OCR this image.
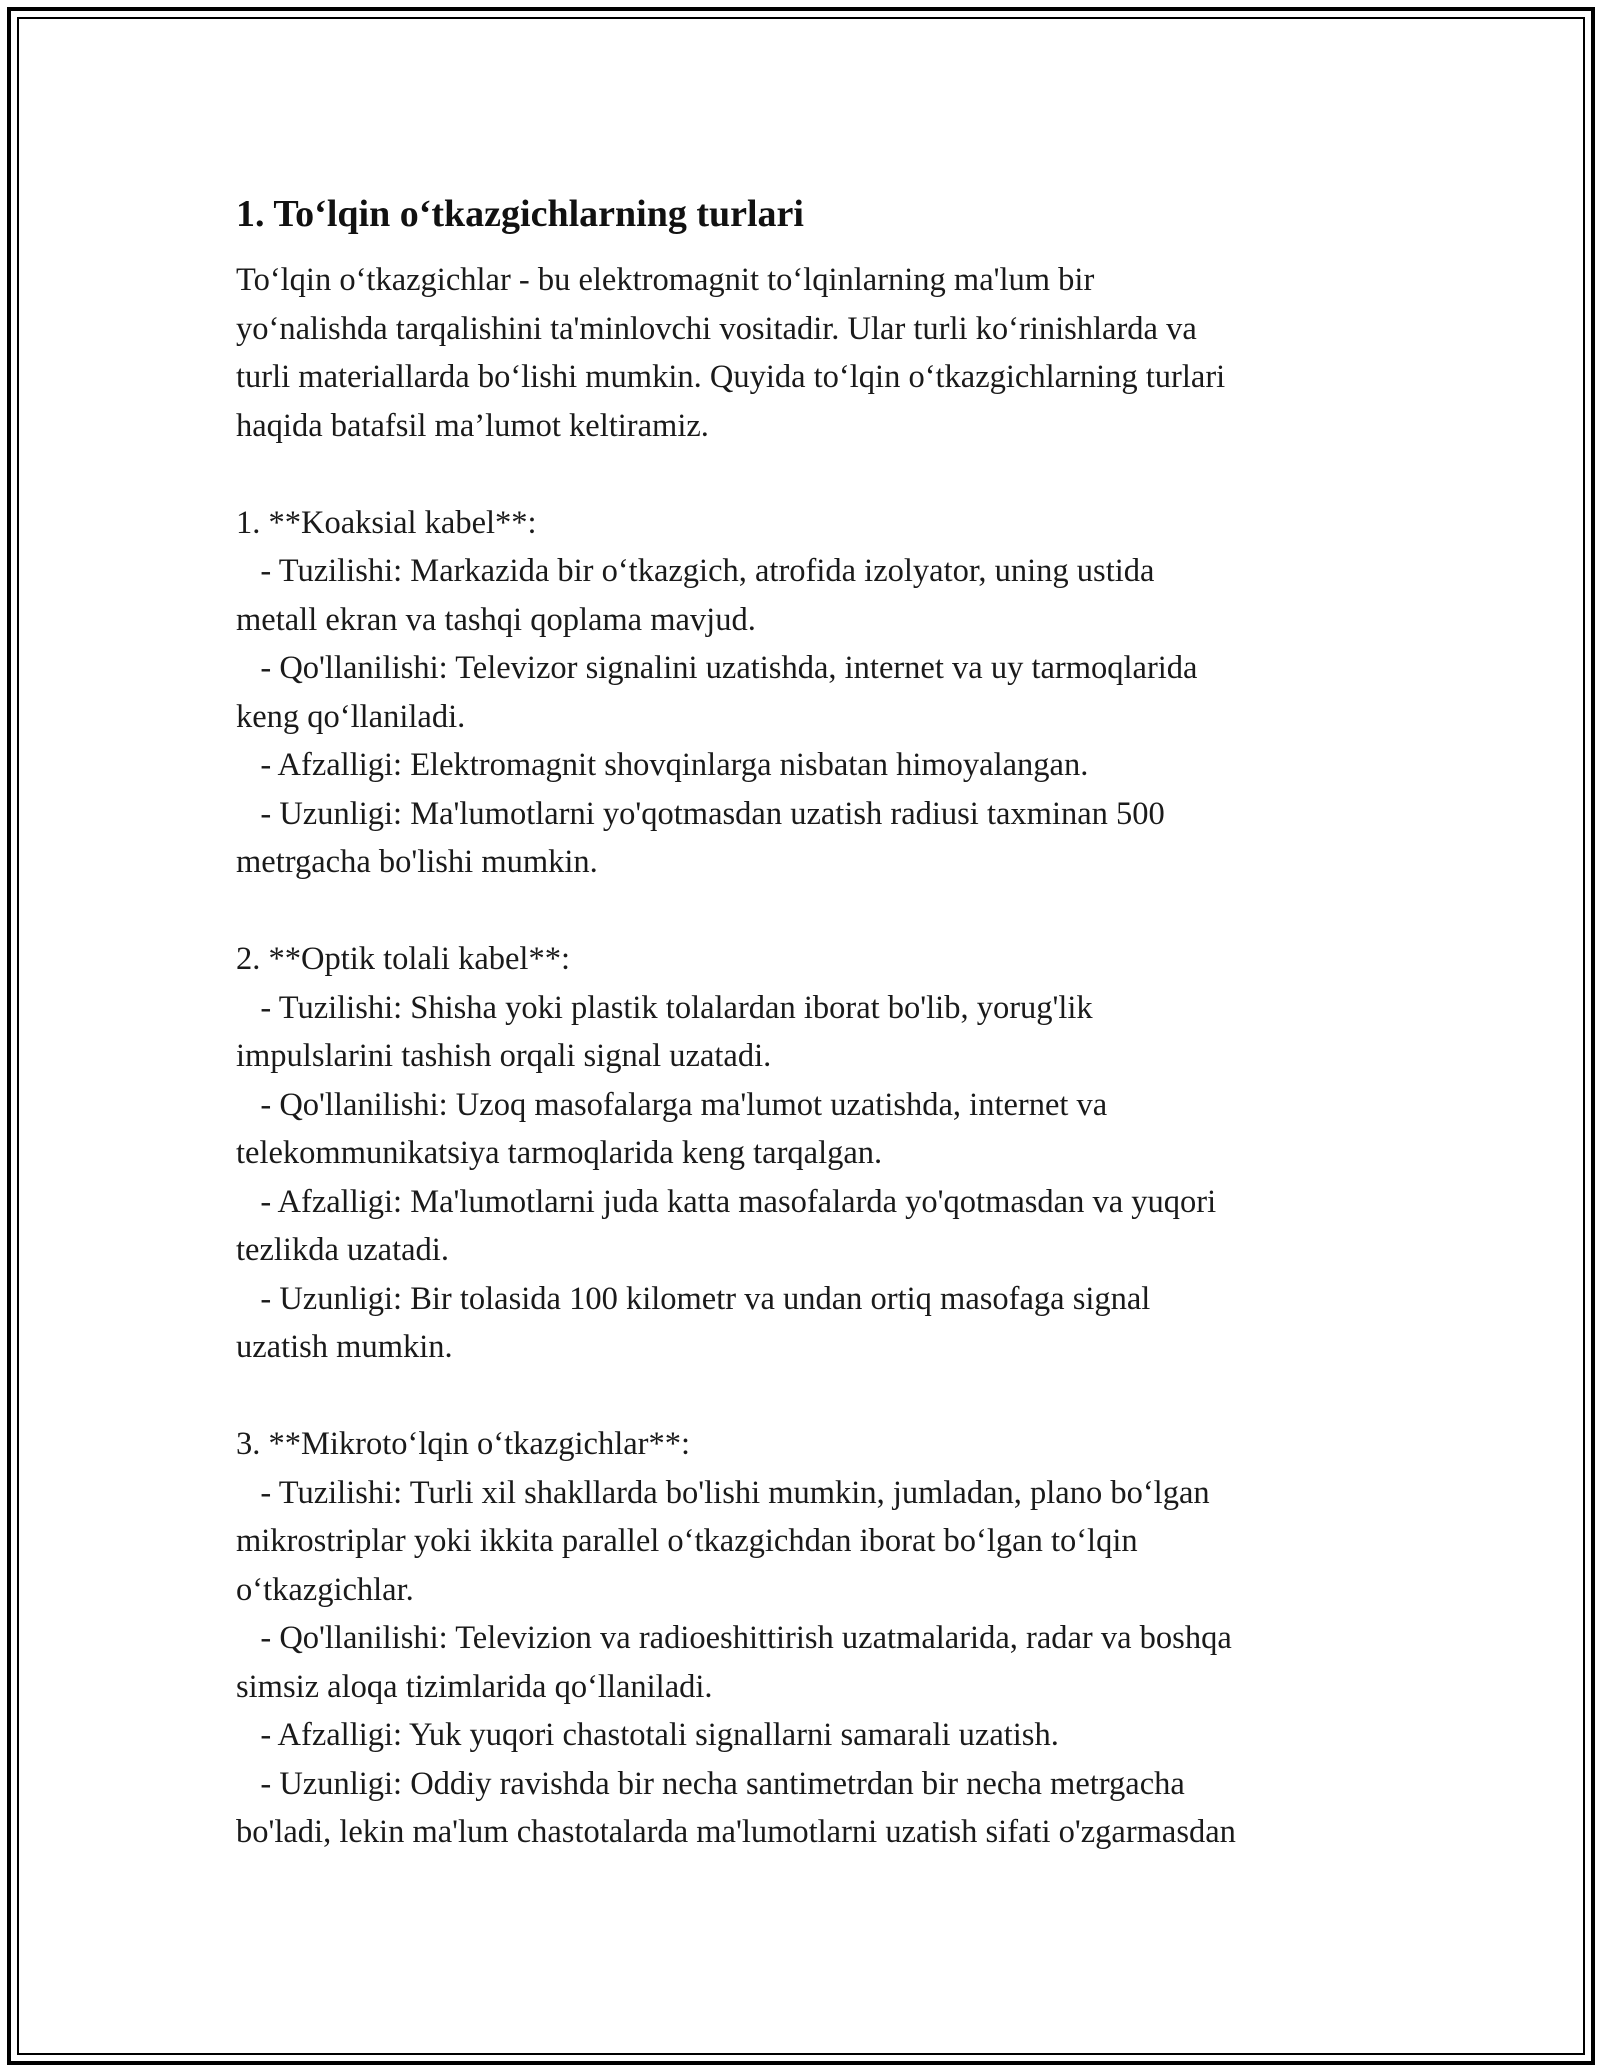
1. To‘lqin o‘tkazgichlarning turlari

To‘lqin o‘tkazgichlar - bu elektromagnit to‘lqinlarning ma'lum bir
yo‘nalishda tarqalishini ta'minlovchi vositadir. Ular turli ko‘rinishlarda va
turli materiallarda bo‘lishi mumkin. Quyida to‘lqin o‘tkazgichlarning turlari
haqida batafsil ma’lumot keltiramiz.

1. **Koaksial kabel**:
- Tuzilishi: Markazida bir o‘tkazgich, atrofida izolyator, uning ustida
metall ekran va tashqi qoplama mavjud.
- Qo'llanilishi: Televizor signalini uzatishda, internet va uy tarmoqlarida
keng qo‘llaniladi.
- Afzalligi: Elektromagnit shovqinlarga nisbatan himoyalangan.
- Uzunligi: Ma'lumotlarni yo'qotmasdan uzatish radiusi taxminan 500
metrgacha bo'lishi mumkin.

2. **Optik tolali kabel**:
- Tuzilishi: Shisha yoki plastik tolalardan iborat bo'lib, yorug'lik
impulslarini tashish orqali signal uzatadi.
- Qo'llanilishi: Uzoq masofalarga ma'lumot uzatishda, internet va
telekommunikatsiya tarmoqlarida keng tarqalgan.
- Afzalligi: Ma'lumotlarni juda katta masofalarda yo'qotmasdan va yuqori
tezlikda uzatadi.
- Uzunligi: Bir tolasida 100 kilometr va undan ortiq masofaga signal
uzatish mumkin.

3. **Mikroto‘lqin o‘tkazgichlar**:
- Tuzilishi: Turli xil shakllarda bo'lishi mumkin, jumladan, plano bo‘lgan
mikrostriplar yoki ikkita parallel o‘tkazgichdan iborat bo‘lgan to‘lqin
o‘tkazgichlar.
- Qo'llanilishi: Televizion va radioeshittirish uzatmalarida, radar va boshqa
simsiz aloqa tizimlarida qo‘llaniladi.
- Afzalligi: Yuk yuqori chastotali signallarni samarali uzatish.
- Uzunligi: Oddiy ravishda bir necha santimetrdan bir necha metrgacha
bo'ladi, lekin ma'lum chastotalarda ma'lumotlarni uzatish sifati o'zgarmasdan
